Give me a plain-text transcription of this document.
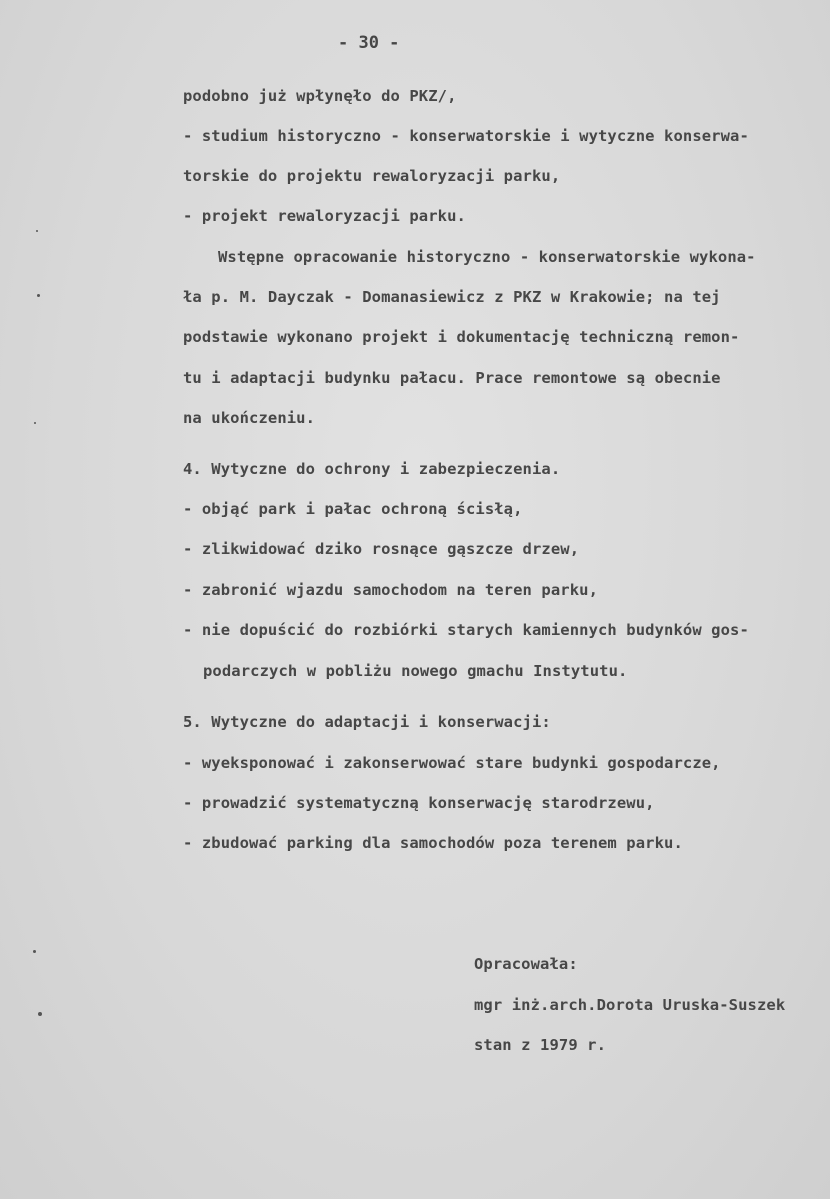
- 30 -
podobno już wpłynęło do PKZ/,
- studium historyczno - konserwatorskie i wytyczne konserwa-
torskie do projektu rewaloryzacji parku,
- projekt rewaloryzacji parku.
Wstępne opracowanie historyczno - konserwatorskie wykona-
ła p. M. Dayczak - Domanasiewicz z PKZ w Krakowie; na tej
podstawie wykonano projekt i dokumentację techniczną remon-
tu i adaptacji budynku pałacu. Prace remontowe są obecnie
na ukończeniu.
4. Wytyczne do ochrony i zabezpieczenia.
- objąć park i pałac ochroną ścisłą,
- zlikwidować dziko rosnące gąszcze drzew,
- zabronić wjazdu samochodom na teren parku,
- nie dopuścić do rozbiórki starych kamiennych budynków gos-
podarczych w pobliżu nowego gmachu Instytutu.
5. Wytyczne do adaptacji i konserwacji:
- wyeksponować i zakonserwować stare budynki gospodarcze,
- prowadzić systematyczną konserwację starodrzewu,
- zbudować parking dla samochodów poza terenem parku.
Opracowała:
mgr inż.arch.Dorota Uruska-Suszek
stan z 1979 r.
